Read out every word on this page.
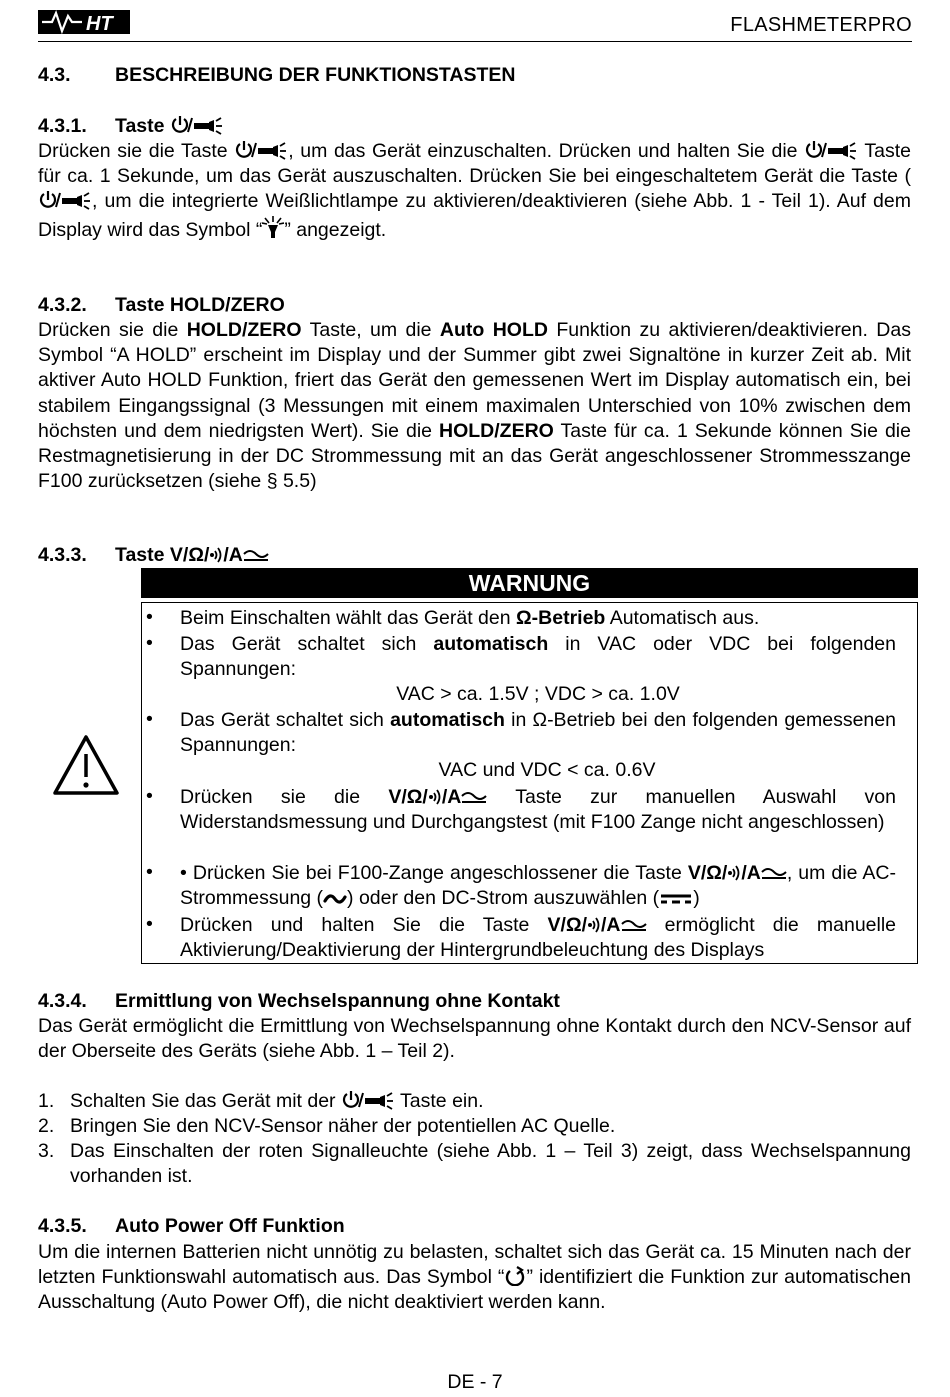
HT	FLASHMETERPRO
4.3. BESCHREIBUNG DER FUNKTIONSTASTEN
4.3.1. Taste

Drücken sie die Taste	, um das Gerät einzuschalten. Drücken und halten Sie die	Taste für ca. 1 Sekunde, um das Gerät auszuschalten. Drücken Sie bei eingeschaltetem Gerät die Taste (, um die integrierte Weißlichtlampe zu aktivieren/deaktivieren (siehe Abb. 1 - Teil 1). Auf dem Display wird das Symbol “ ” angezeigt.

4.3.2. Taste HOLD/ZERO

Drücken sie die HOLD/ZERO Taste, um die Auto HOLD Funktion zu aktivieren/deaktivieren. Das Symbol “A HOLD” erscheint im Display und der Summer gibt zwei Signaltöne in kurzer Zeit ab. Mit aktiver Auto HOLD Funktion, friert das Gerät den gemessenen Wert im Display automatisch ein, bei stabilem Eingangssignal (3 Messungen mit einem maximalen Unterschied von 10% zwischen dem höchsten und dem niedrigsten Wert). Sie die HOLD/ZERO Taste für ca. 1 Sekunde können Sie die Restmagnetisierung in der DC Strommessung mit an das Gerät angeschlossener Strommesszange F100 zurücksetzen (siehe § 5.5)

4.3.3. Taste V/Ω/ /A
WARNUNG
• Beim Einschalten wählt das Gerät den Ω-Betrieb Automatisch aus.

• Das Gerät schaltet sich automatisch in VAC oder VDC bei folgenden Spannungen:

VAC > ca. 1.5V ; VDC > ca. 1.0V

• Das Gerät schaltet sich automatisch in Ω-Betrieb bei den folgenden gemessenen Spannungen:

VAC und VDC < ca. 0.6V

• Drücken sie die V/Ω/ /A	Taste zur manuellen Auswahl von Widerstandsmessung und Durchgangstest (mit F100 Zange nicht angeschlossen)

• • Drücken Sie bei F100-Zange angeschlossener die Taste V/Ω/ /A , um die AC-Strommessung ( ) oder den DC-Strom auszuwählen ( )

• Drücken und halten Sie die Taste V/Ω/ /A ermöglicht die manuelle Aktivierung/Deaktivierung der Hintergrundbeleuchtung des Displays

4.3.4. Ermittlung von Wechselspannung ohne Kontakt

Das Gerät ermöglicht die Ermittlung von Wechselspannung ohne Kontakt durch den NCV-Sensor auf der Oberseite des Geräts (siehe Abb. 1 – Teil 2).

1. Schalten Sie das Gerät mit der	Taste ein.
2. Bringen Sie den NCV-Sensor näher der potentiellen AC Quelle.
3. Das Einschalten der roten Signalleuchte (siehe Abb. 1 – Teil 3) zeigt, dass Wechselspannung vorhanden ist.
4.3.5. Auto Power Off Funktion

Um die internen Batterien nicht unnötig zu belasten, schaltet sich das Gerät ca. 15 Minuten nach der letzten Funktionswahl automatisch aus. Das Symbol “ ” identifiziert die Funktion zur automatischen Ausschaltung (Auto Power Off), die nicht deaktiviert werden kann.

DE - 7
